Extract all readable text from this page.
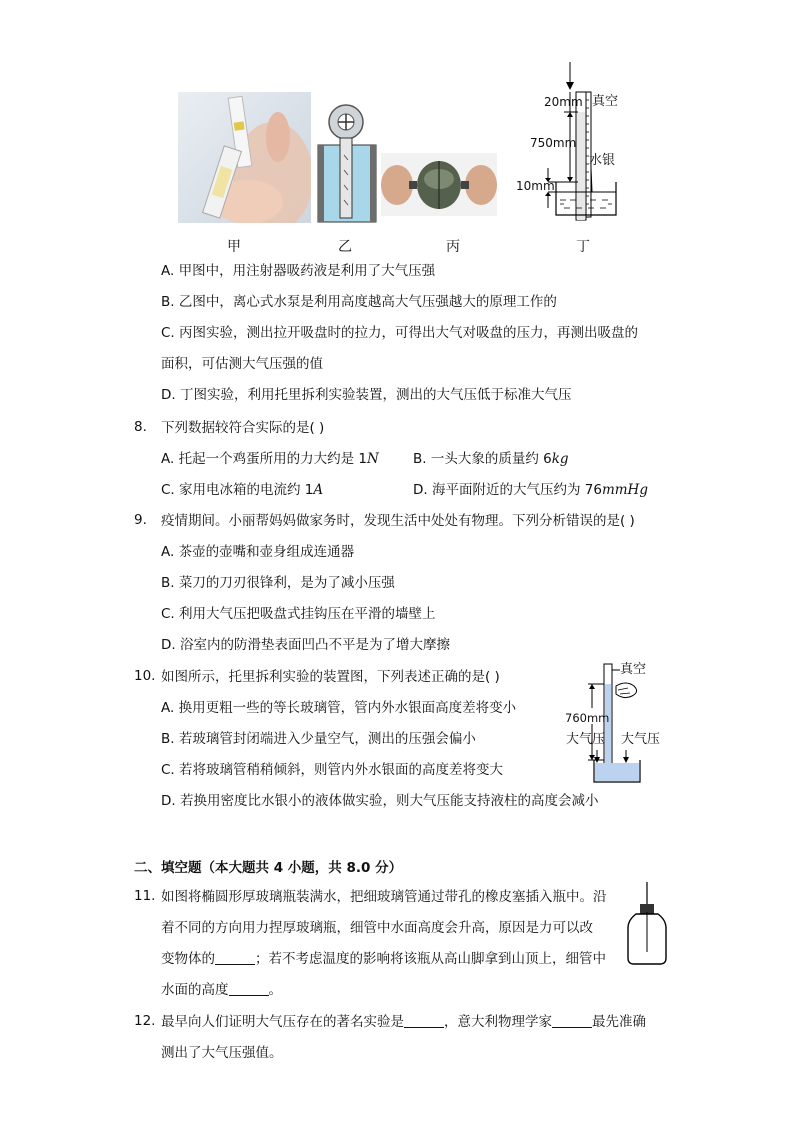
20mm 真空
750mm
水银
10mm
甲	乙	丙	丁
A. 甲图中，用注射器吸药液是利用了大气压强
B. 乙图中，离心式水泵是利用高度越高大气压强越大的原理工作的
C. 丙图实验，测出拉开吸盘时的拉力，可得出大气对吸盘的压力，再测出吸盘的
面积，可估测大气压强的值
D. 丁图实验，利用托里拆利实验装置，测出的大气压低于标准大气压
8. 下列数据较符合实际的是( )
A. 托起一个鸡蛋所用的力大约是 1N	B. 一头大象的质量约 6kg
C. 家用电冰箱的电流约 1A	D. 海平面附近的大气压约为 76mmHg
9. 疫情期间。小丽帮妈妈做家务时，发现生活中处处有物理。下列分析错误的是( )
A. 茶壶的壶嘴和壶身组成连通器
B. 菜刀的刀刃很锋利，是为了减小压强
C. 利用大气压把吸盘式挂钩压在平滑的墙壁上
D. 浴室内的防滑垫表面凹凸不平是为了增大摩擦
10. 如图所示，托里拆利实验的装置图，下列表述正确的是( )
A. 换用更粗一些的等长玻璃管，管内外水银面高度差将变小
B. 若玻璃管封闭端进入少量空气，测出的压强会偏小
C. 若将玻璃管稍稍倾斜，则管内外水银面的高度差将变大
D. 若换用密度比水银小的液体做实验，则大气压能支持液柱的高度会减小
真空
760mm
大气压 大气压
二、填空题（本大题共 4 小题，共 8.0 分）
11. 如图将椭圆形厚玻璃瓶装满水，把细玻璃管通过带孔的橡皮塞插入瓶中。沿
着不同的方向用力捏厚玻璃瓶，细管中水面高度会升高，原因是力可以改
变物体的	；若不考虑温度的影响将该瓶从高山脚拿到山顶上，细管中
水面的高度	。
12. 最早向人们证明大气压存在的著名实验是	，意大利物理学家	最先准确
测出了大气压强值。
